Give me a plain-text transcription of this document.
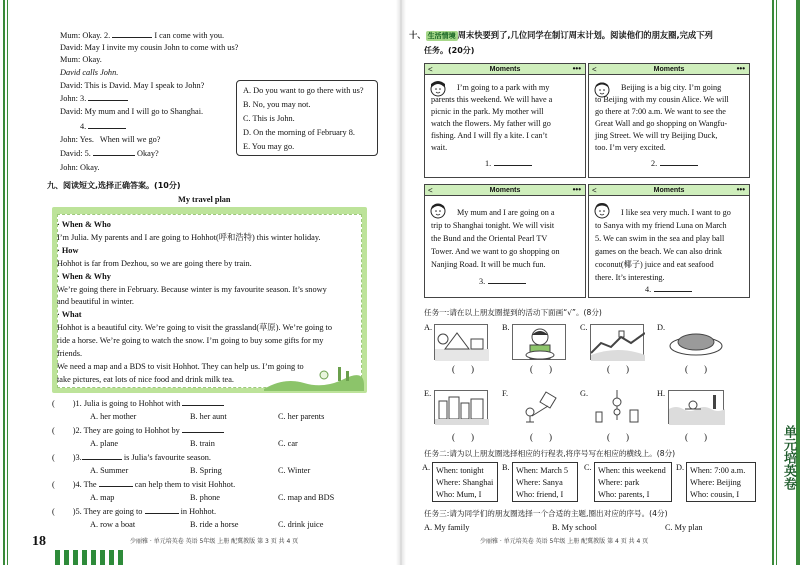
Mum: Okay. 2.	I can come with you.
David: May I invite my cousin John to come with us?
Mum: Okay.
David calls John.
David: This is David. May I speak to John?
John: 3.
David: My mum and I will go to Shanghai.
4.
John: Yes.  When will we go?
David: 5.	Okay?
John: Okay.
A. Do you want to go there with us?
B. No, you may not.
C. This is John.
D. On the morning of February 8.
E. You may go.
九、阅读短文,选择正确答案。(10分)
My travel plan
· When & Who
I’m Julia. My parents and I are going to Hohhot(呼和浩特) this winter holiday.
· How
Hohhot is far from Dezhou, so we are going there by train.
· When & Why
We’re going there in February. Because winter is my favourite season. It’s snowy
and beautiful in winter.
· What
Hohhot is a beautiful city. We’re going to visit the grassland(草原). We’re going to
ride a horse. We’re going to watch the snow. I’m going to buy some gifts for my
friends.
We need a map and a BDS to visit Hohhot. They can help us. I’m going to
take pictures, eat lots of nice food and drink milk tea.
( )1. Julia is going to Hohhot with
A. her mother	B. her aunt	C. her parents
( )2. They are going to Hohhot by
A. plane	B. train	C. car
( )3.	is Julia’s favourite season.
A. Summer	B. Spring	C. Winter
( )4. The	can help them to visit Hohhot.
A. map	B. phone	C. map and BDS
( )5. They are going to	in Hohhot.
A. row a boat	B. ride a horse	C. drink juice
18	少丽雅 · 单元培英卷 英语 5年级 上册 配冀教版 第 3 页 共 4 页
十、 生活情境 周末快要到了,几位同学在制订周末计划。阅读他们的朋友圈,完成下列
任务。(20分)
<	Moments	•••
I’m going to a park with my
parents this weekend. We will have a
picnic in the park. My mother will
watch the flowers. My father will go
fishing. And I will fly a kite. I can’t
wait.
1.
<	Moments	•••
Beijing is a big city. I’m going
to Beijing with my cousin Alice. We will
go there at 7:00 a.m. We want to see the
Great Wall and go shopping on Wangfu-
jing Street. We will try Beijing Duck,
too. I’m very excited.
2.
<	Moments	•••
My mum and I are going on a
trip to Shanghai tonight. We will visit
the Bund and the Oriental Pearl TV
Tower. And we want to go shopping on
Nanjing Road. It will be much fun.
3.
<	Moments	•••
I like sea very much. I want to go
to Sanya with my friend Luna on March
5. We can swim in the sea and play ball
games on the beach. We can also drink
coconut(椰子) juice and eat seafood
there. It’s interesting.
4.
任务一:请在以上朋友圈提到的活动下面画“√”。(8分)
A.	B.	C.	D.
( )	( )	( )	( )
E.	F.	G.	H.
( )	( )	( )	( )
任务二:请为以上朋友圈选择相应的行程表,将序号写在相应的横线上。(8分)
A. When: tonight
Where: Shanghai
Who: Mum, I
B. When: March 5
Where: Sanya
Who: friend, I
C. When: this weekend
Where: park
Who: parents, I
D. When: 7:00 a.m.
Where: Beijing
Who: cousin, I
任务三:请为同学们的朋友圈选择一个合适的主题,圈出对应的序号。(4分)
A. My family	B. My school	C. My plan
少丽雅 · 单元培英卷 英语 5年级 上册 配冀教版 第 4 页 共 4 页
单元培英卷
